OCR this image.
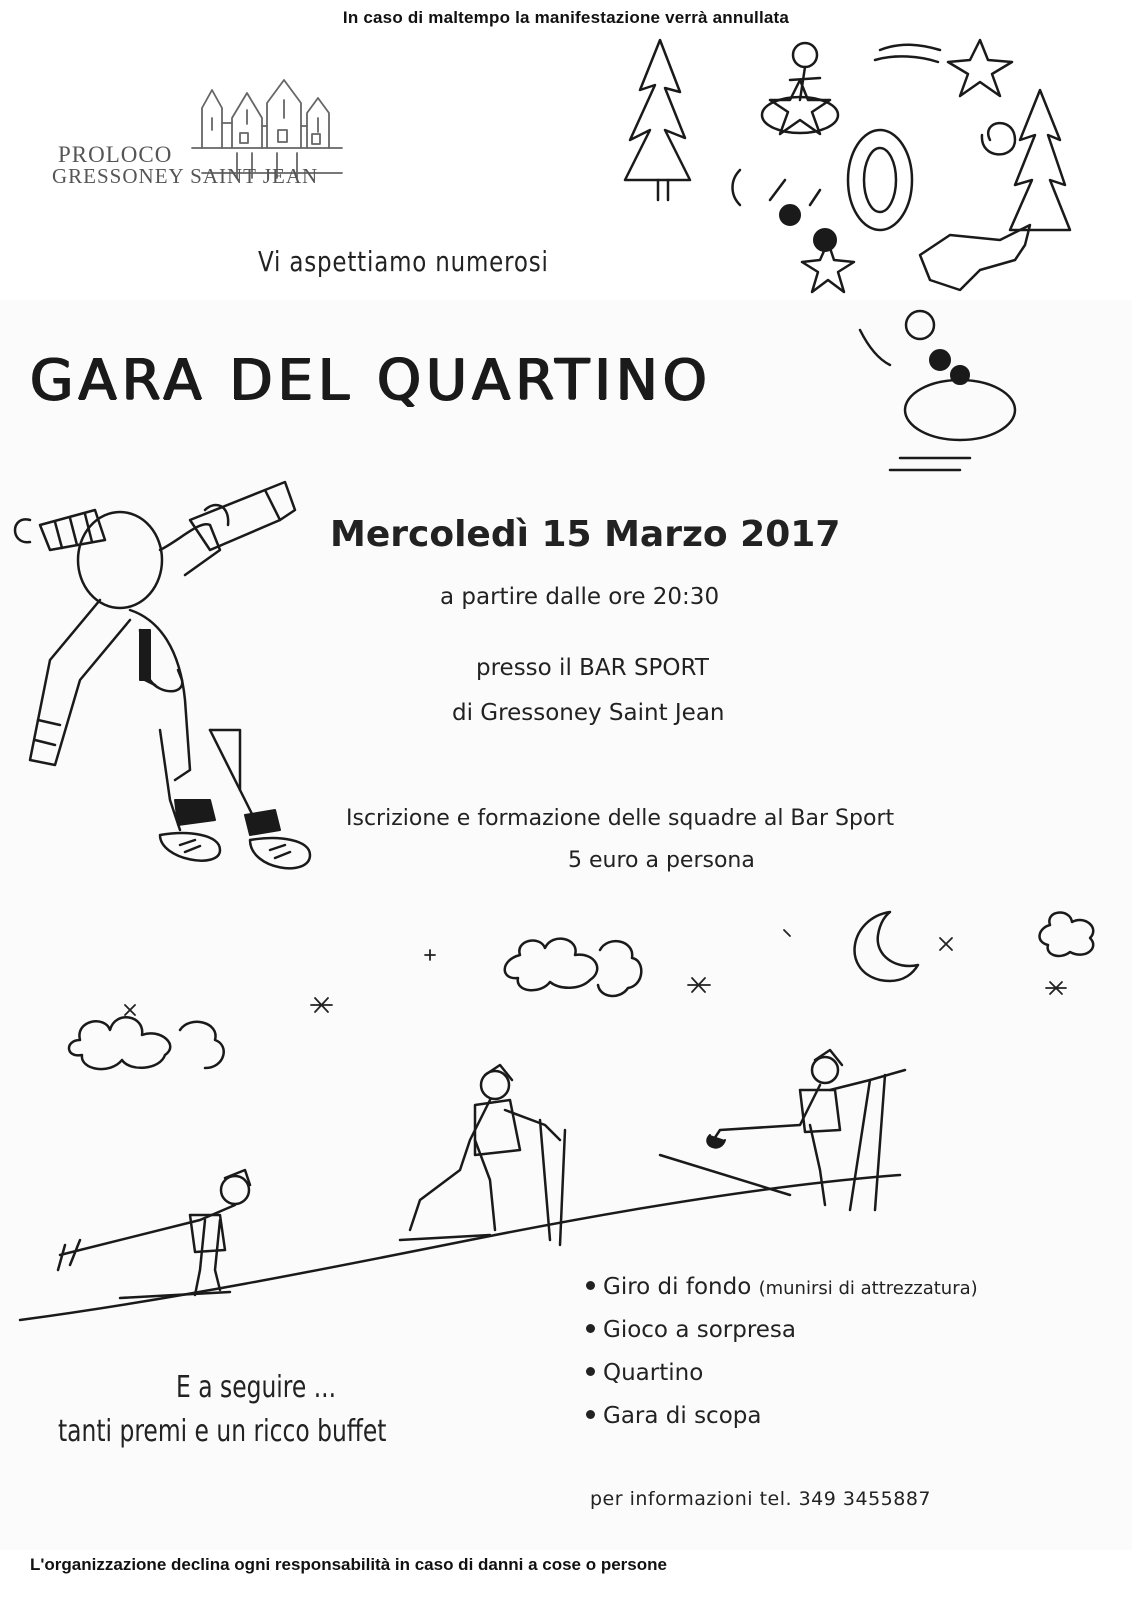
In caso di maltempo la manifestazione verrà annullata
PROLOCO
GRESSONEY SAINT JEAN
Vi aspettiamo numerosi
GARA DEL QUARTINO
Mercoledì 15 Marzo 2017
a partire dalle ore 20:30
presso il BAR SPORT
di Gressoney Saint Jean
Iscrizione e formazione delle squadre al Bar Sport
5 euro a persona
Giro di fondo (munirsi di attrezzatura)
Gioco a sorpresa
Quartino
Gara di scopa
E a seguire ...
tanti premi e un ricco buffet
per informazioni tel. 349 3455887
L'organizzazione declina ogni responsabilità in caso di danni a cose o persone
